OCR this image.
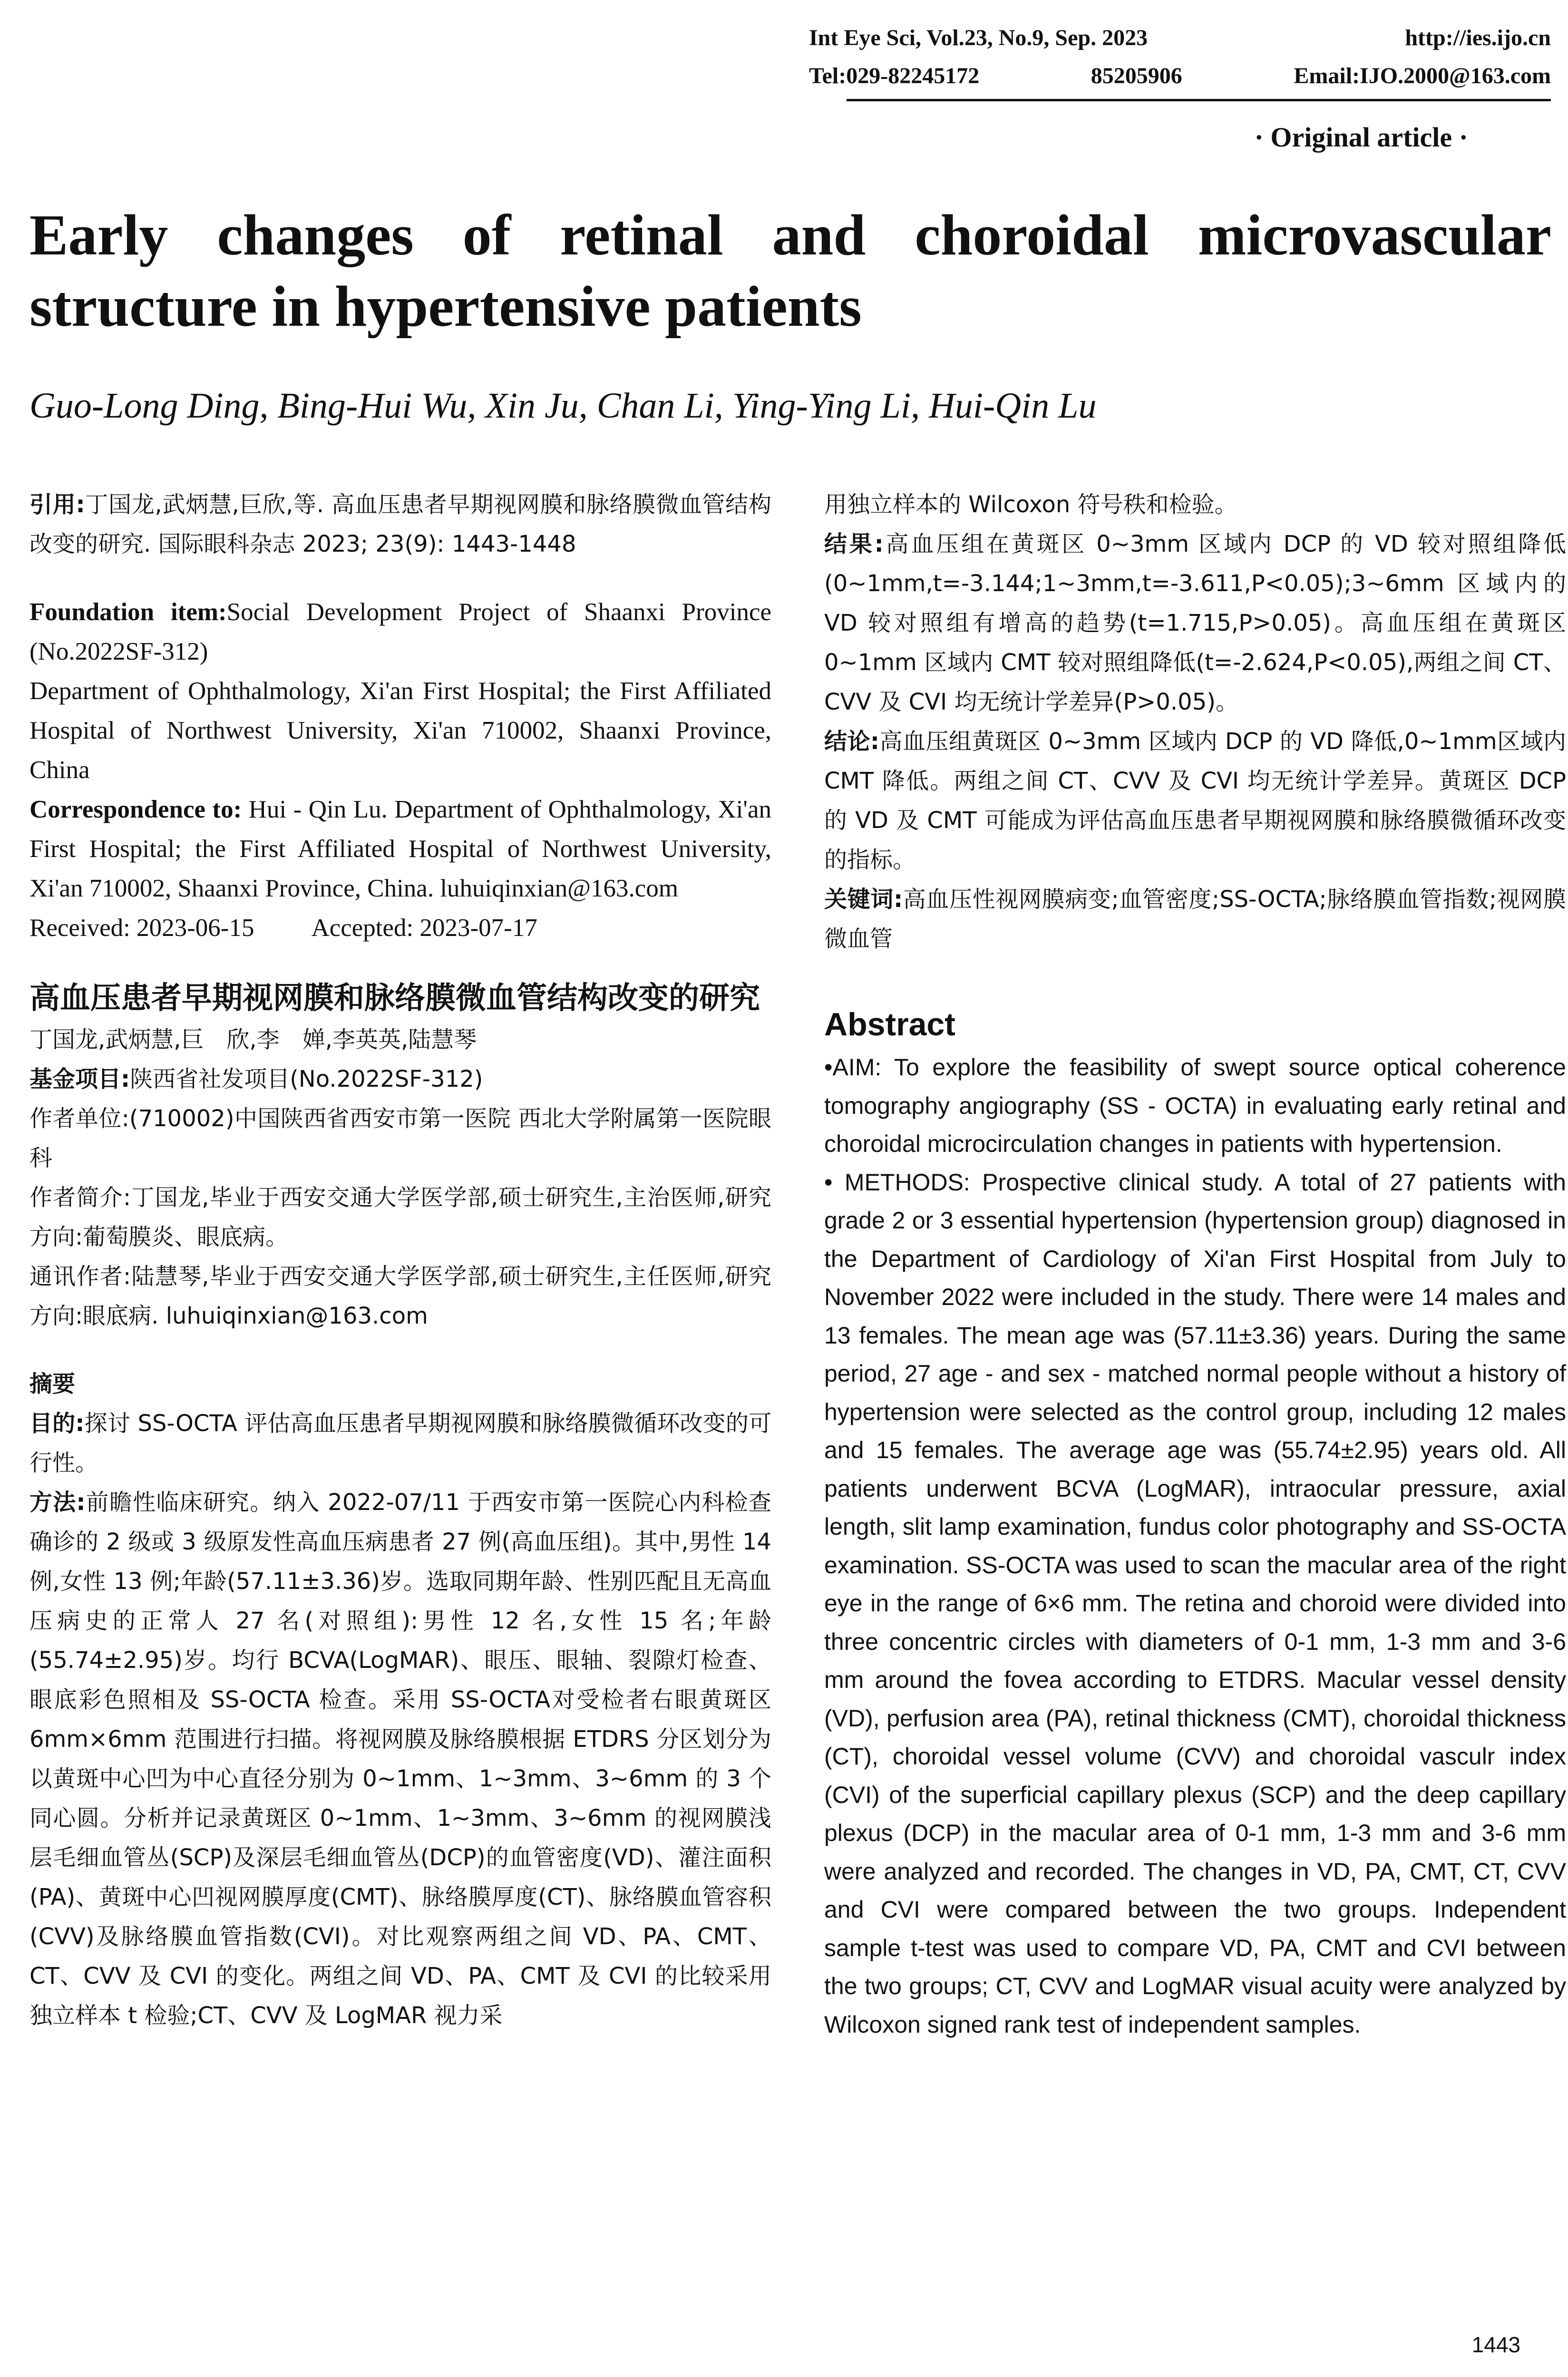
Int Eye Sci, Vol.23, No.9, Sep. 2023	http://ies.ijo.cn
Tel:029-82245172	85205906	Email:IJO.2000@163.com
· Original article ·
Early changes of retinal and choroidal microvascular structure in hypertensive patients
Guo-Long Ding, Bing-Hui Wu, Xin Ju, Chan Li, Ying-Ying Li, Hui-Qin Lu

引用:丁国龙,武炳慧,巨欣,等. 高血压患者早期视网膜和脉络膜微血管结构改变的研究. 国际眼科杂志 2023; 23(9): 1443-1448

Foundation item:Social Development Project of Shaanxi Province (No.2022SF-312)

Department of Ophthalmology, Xi'an First Hospital; the First Affiliated Hospital of Northwest University, Xi'an 710002, Shaanxi Province, China

Correspondence to: Hui - Qin Lu. Department of Ophthalmology, Xi'an First Hospital; the First Affiliated Hospital of Northwest University, Xi'an 710002, Shaanxi Province, China. luhuiqinxian@163.com

Received: 2023-06-15 Accepted: 2023-07-17

高血压患者早期视网膜和脉络膜微血管结构改变的研究

丁国龙,武炳慧,巨　欣,李　婵,李英英,陆慧琴

基金项目:陕西省社发项目(No.2022SF-312)

作者单位:(710002)中国陕西省西安市第一医院 西北大学附属第一医院眼科

作者简介:丁国龙,毕业于西安交通大学医学部,硕士研究生,主治医师,研究方向:葡萄膜炎、眼底病。

通讯作者:陆慧琴,毕业于西安交通大学医学部,硕士研究生,主任医师,研究方向:眼底病. luhuiqinxian@163.com

摘要

目的:探讨 SS-OCTA 评估高血压患者早期视网膜和脉络膜微循环改变的可行性。

方法:前瞻性临床研究。纳入 2022-07/11 于西安市第一医院心内科检查确诊的 2 级或 3 级原发性高血压病患者 27 例(高血压组)。其中,男性 14 例,女性 13 例;年龄(57.11±3.36)岁。选取同期年龄、性别匹配且无高血压病史的正常人 27 名(对照组):男性 12 名,女性 15 名;年龄(55.74±2.95)岁。均行 BCVA(LogMAR)、眼压、眼轴、裂隙灯检查、眼底彩色照相及 SS-OCTA 检查。采用 SS-OCTA对受检者右眼黄斑区 6mm×6mm 范围进行扫描。将视网膜及脉络膜根据 ETDRS 分区划分为以黄斑中心凹为中心直径分别为 0~1mm、1~3mm、3~6mm 的 3 个同心圆。分析并记录黄斑区 0~1mm、1~3mm、3~6mm 的视网膜浅层毛细血管丛(SCP)及深层毛细血管丛(DCP)的血管密度(VD)、灌注面积(PA)、黄斑中心凹视网膜厚度(CMT)、脉络膜厚度(CT)、脉络膜血管容积(CVV)及脉络膜血管指数(CVI)。对比观察两组之间 VD、PA、CMT、CT、CVV 及 CVI 的变化。两组之间 VD、PA、CMT 及 CVI 的比较采用独立样本 t 检验;CT、CVV 及 LogMAR 视力采

用独立样本的 Wilcoxon 符号秩和检验。

结果:高血压组在黄斑区 0~3mm 区域内 DCP 的 VD 较对照组降低(0~1mm,t=-3.144;1~3mm,t=-3.611,P<0.05);3~6mm 区域内的 VD 较对照组有增高的趋势(t=1.715,P>0.05)。高血压组在黄斑区 0~1mm 区域内 CMT 较对照组降低(t=-2.624,P<0.05),两组之间 CT、CVV 及 CVI 均无统计学差异(P>0.05)。

结论:高血压组黄斑区 0~3mm 区域内 DCP 的 VD 降低,0~1mm区域内 CMT 降低。两组之间 CT、CVV 及 CVI 均无统计学差异。黄斑区 DCP 的 VD 及 CMT 可能成为评估高血压患者早期视网膜和脉络膜微循环改变的指标。

关键词:高血压性视网膜病变;血管密度;SS-OCTA;脉络膜血管指数;视网膜微血管

Abstract

•AIM: To explore the feasibility of swept source optical coherence tomography angiography (SS - OCTA) in evaluating early retinal and choroidal microcirculation changes in patients with hypertension.

• METHODS: Prospective clinical study. A total of 27 patients with grade 2 or 3 essential hypertension (hypertension group) diagnosed in the Department of Cardiology of Xi'an First Hospital from July to November 2022 were included in the study. There were 14 males and 13 females. The mean age was (57.11±3.36) years. During the same period, 27 age - and sex - matched normal people without a history of hypertension were selected as the control group, including 12 males and 15 females. The average age was (55.74±2.95) years old. All patients underwent BCVA (LogMAR), intraocular pressure, axial length, slit lamp examination, fundus color photography and SS-OCTA examination. SS-OCTA was used to scan the macular area of the right eye in the range of 6×6 mm. The retina and choroid were divided into three concentric circles with diameters of 0-1 mm, 1-3 mm and 3-6 mm around the fovea according to ETDRS. Macular vessel density (VD), perfusion area (PA), retinal thickness (CMT), choroidal thickness (CT), choroidal vessel volume (CVV) and choroidal vasculr index (CVI) of the superficial capillary plexus (SCP) and the deep capillary plexus (DCP) in the macular area of 0-1 mm, 1-3 mm and 3-6 mm were analyzed and recorded. The changes in VD, PA, CMT, CT, CVV and CVI were compared between the two groups. Independent sample t-test was used to compare VD, PA, CMT and CVI between the two groups; CT, CVV and LogMAR visual acuity were analyzed by Wilcoxon signed rank test of independent samples.

1443
